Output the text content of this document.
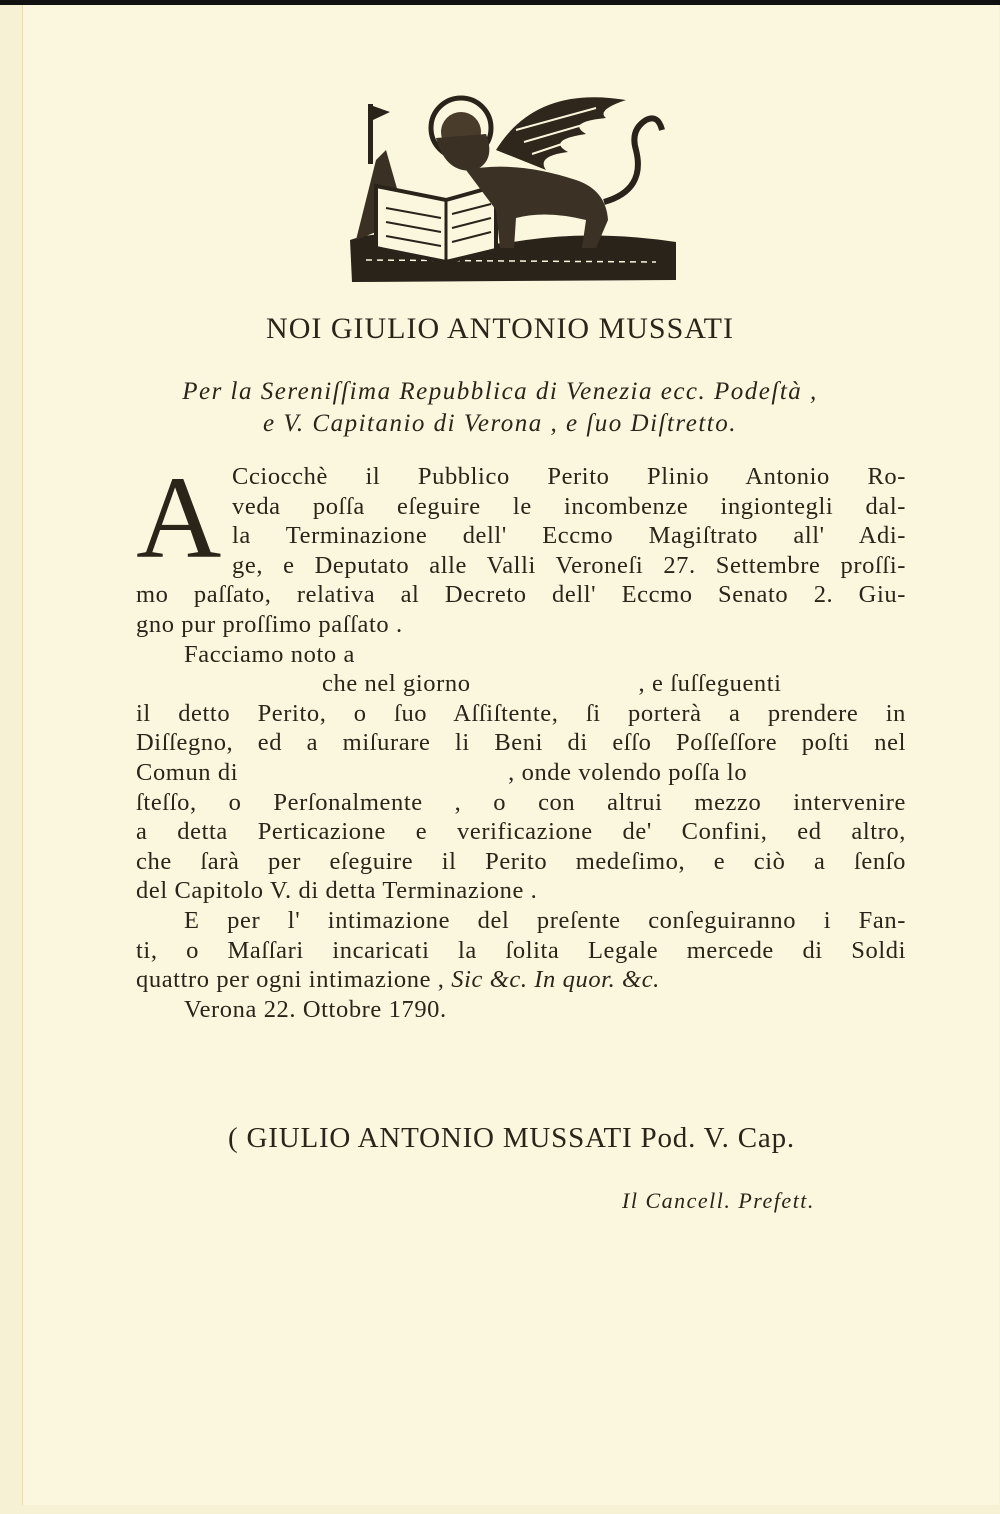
NOI GIULIO ANTONIO MUSSATI
Per la Sereniſſima Repubblica di Venezia ecc. Podeſtà ,
e V. Capitanio di Verona , e ſuo Diſtretto.
A Cciocchè il Pubblico Perito Plinio Antonio Ro-
veda poſſa eſeguire le incombenze ingiontegli dal-
la Terminazione dell' Eccmo Magiſtrato all' Adi-
ge, e Deputato alle Valli Veroneſi 27. Settembre proſſi-
mo paſſato, relativa al Decreto dell' Eccmo Senato 2. Giu-
gno pur proſſimo paſſato .
Facciamo noto a
che nel giorno	, e ſuſſeguenti
il detto Perito, o ſuo Aſſiſtente, ſi porterà a prendere in
Diſſegno, ed a miſurare li Beni di eſſo Poſſeſſore poſti nel
Comun di	, onde volendo poſſa lo
ſteſſo, o Perſonalmente , o con altrui mezzo intervenire
a detta Perticazione e verificazione de' Confini, ed altro,
che ſarà per eſeguire il Perito medeſimo, e ciò a ſenſo
del Capitolo V. di detta Terminazione .
E per l' intimazione del preſente conſeguiranno i Fan-
ti, o Maſſari incaricati la ſolita Legale mercede di Soldi
quattro per ogni intimazione , Sic &c. In quor. &c.
Verona 22. Ottobre 1790.
( GIULIO ANTONIO MUSSATI Pod. V. Cap.
Il Cancell. Prefett.
